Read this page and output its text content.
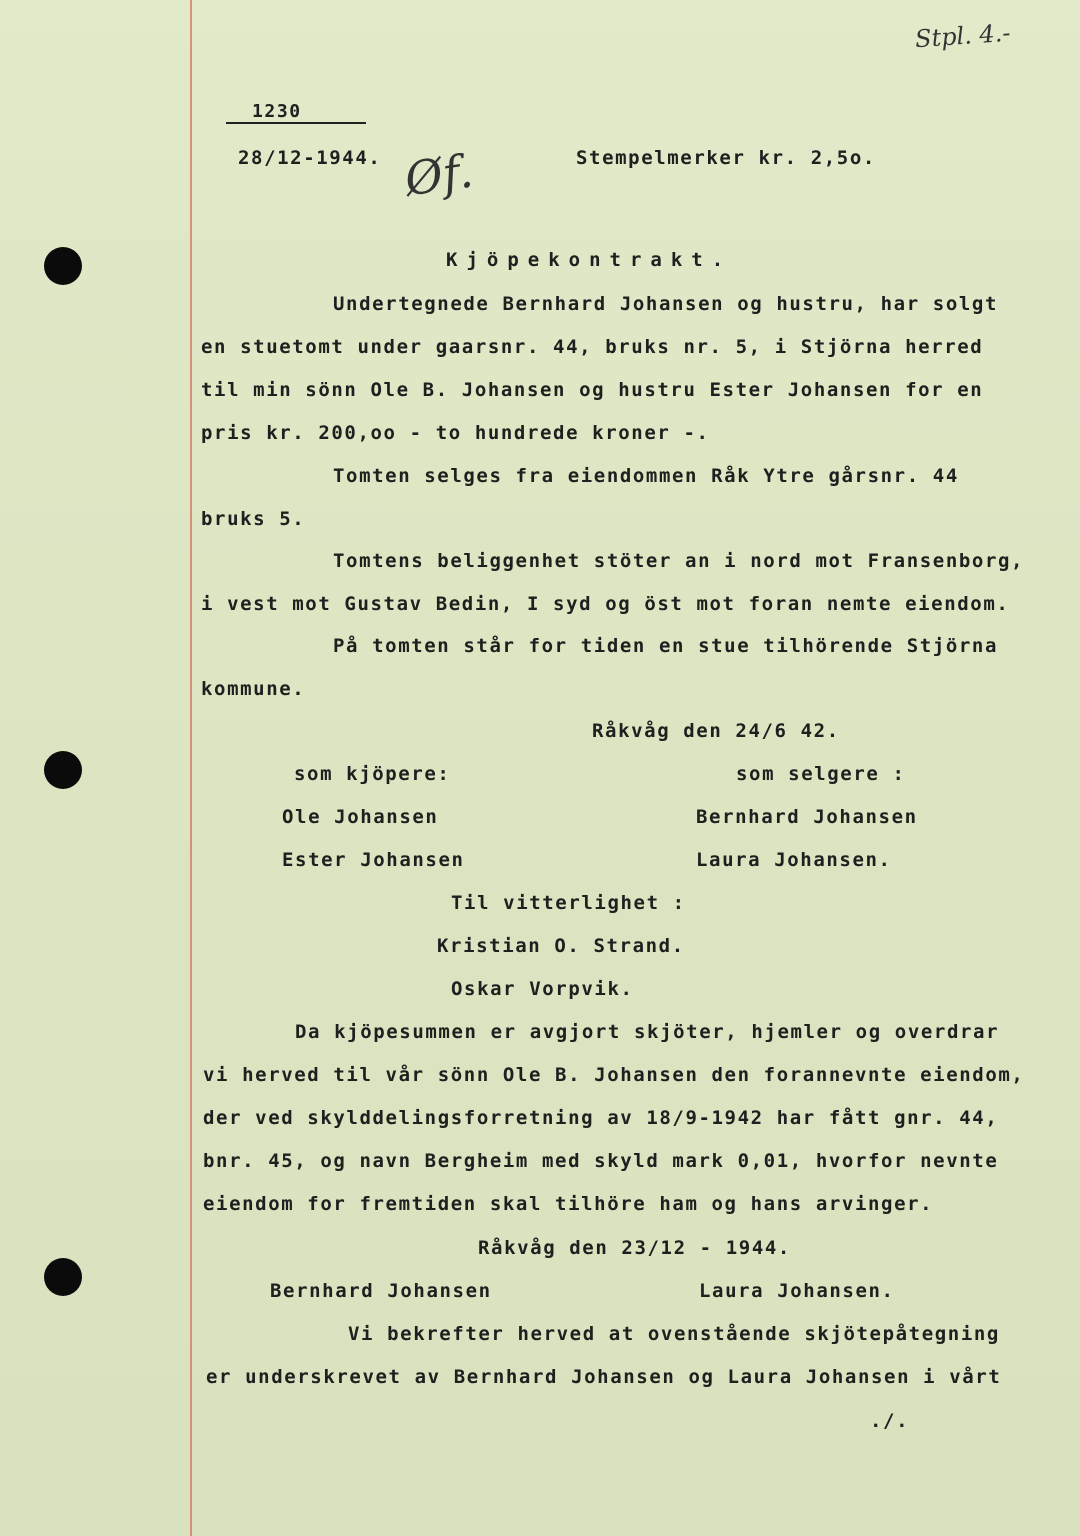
Stpl. 4.-
1230
28/12-1944. Øf.	Stempelmerker kr. 2,5o.
Kjöpekontrakt.
Undertegnede Bernhard Johansen og hustru, har solgt
en stuetomt under gaarsnr. 44, bruks nr. 5, i Stjörna herred
til min sönn Ole B. Johansen og hustru Ester Johansen for en
pris kr. 200,oo - to hundrede kroner -.
Tomten selges fra eiendommen Råk Ytre gårsnr. 44
bruks 5.
Tomtens beliggenhet stöter an i nord mot Fransenborg,
i vest mot Gustav Bedin, I syd og öst mot foran nemte eiendom.
På tomten står for tiden en stue tilhörende Stjörna
kommune.
Råkvåg den 24/6 42.
som kjöpere:	som selgere :
Ole Johansen	Bernhard Johansen
Ester Johansen	Laura Johansen.
Til vitterlighet :
Kristian O. Strand.
Oskar Vorpvik.
Da kjöpesummen er avgjort skjöter, hjemler og overdrar
vi herved til vår sönn Ole B. Johansen den forannevnte eiendom,
der ved skylddelingsforretning av 18/9-1942 har fått gnr. 44,
bnr. 45, og navn Bergheim med skyld mark 0,01, hvorfor nevnte
eiendom for fremtiden skal tilhöre ham og hans arvinger.
Råkvåg den 23/12 - 1944.
Bernhard Johansen	Laura Johansen.
Vi bekrefter herved at ovenstående skjötepåtegning
er underskrevet av Bernhard Johansen og Laura Johansen i vårt
./.
